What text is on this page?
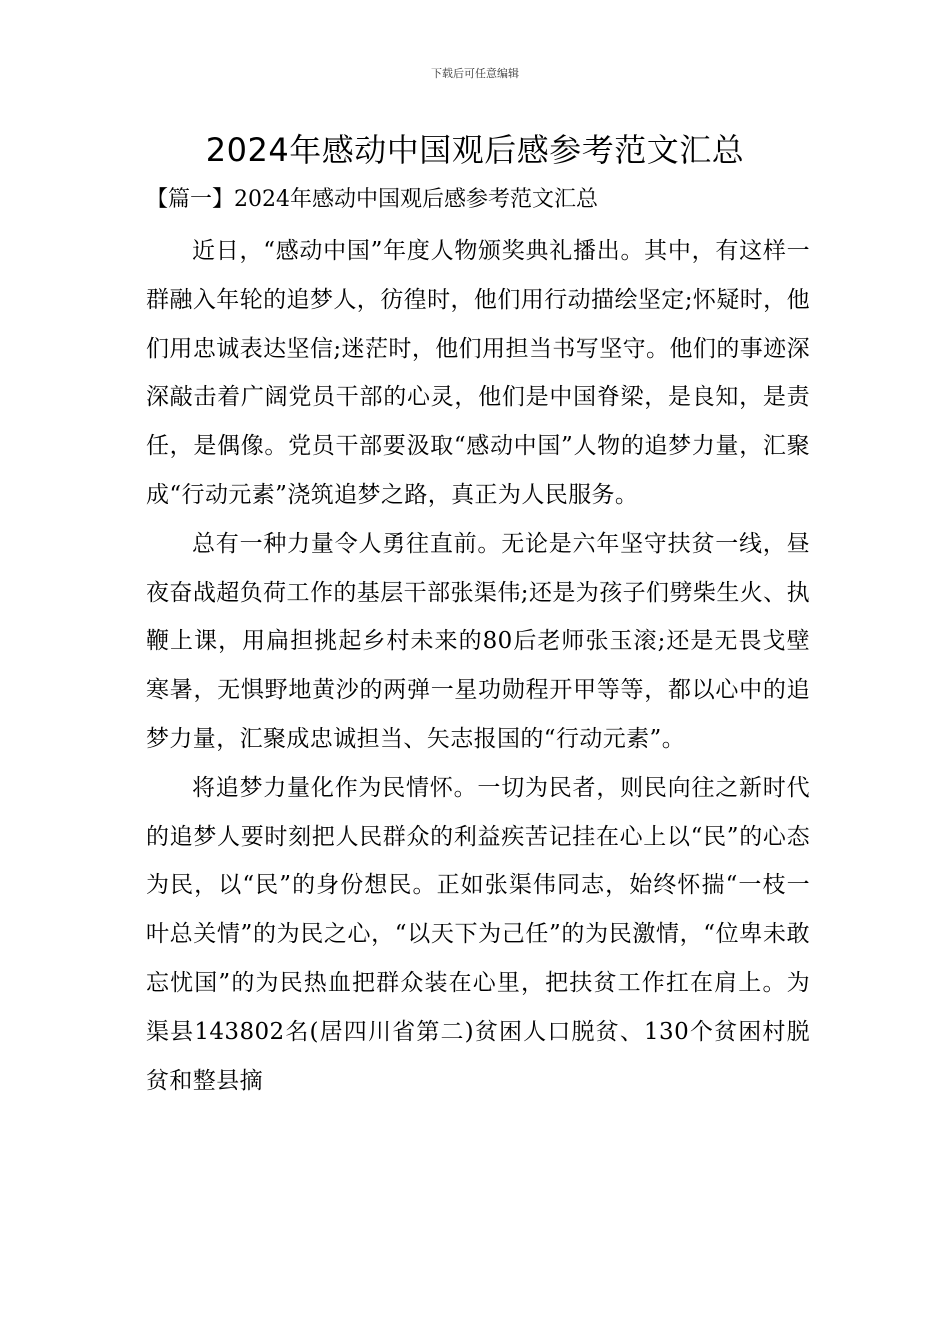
下载后可任意编辑
2024年感动中国观后感参考范文汇总
【篇一】2024年感动中国观后感参考范文汇总

近日，“感动中国”年度人物颁奖典礼播出。其中，有这样一群融入年轮的追梦人，彷徨时，他们用行动描绘坚定;怀疑时，他们用忠诚表达坚信;迷茫时，他们用担当书写坚守。他们的事迹深深敲击着广阔党员干部的心灵，他们是中国脊梁，是良知，是责任，是偶像。党员干部要汲取“感动中国”人物的追梦力量，汇聚成“行动元素”浇筑追梦之路，真正为人民服务。

总有一种力量令人勇往直前。无论是六年坚守扶贫一线，昼夜奋战超负荷工作的基层干部张渠伟;还是为孩子们劈柴生火、执鞭上课，用扁担挑起乡村未来的80后老师张玉滚;还是无畏戈壁寒暑，无惧野地黄沙的两弹一星功勋程开甲等等，都以心中的追梦力量，汇聚成忠诚担当、矢志报国的“行动元素”。

将追梦力量化作为民情怀。一切为民者，则民向往之新时代的追梦人要时刻把人民群众的利益疾苦记挂在心上以“民”的心态为民，以“民”的身份想民。正如张渠伟同志，始终怀揣“一枝一叶总关情”的为民之心，“以天下为己任”的为民激情，“位卑未敢忘忧国”的为民热血把群众装在心里，把扶贫工作扛在肩上。为渠县143802名(居四川省第二)贫困人口脱贫、130个贫困村脱贫和整县摘
